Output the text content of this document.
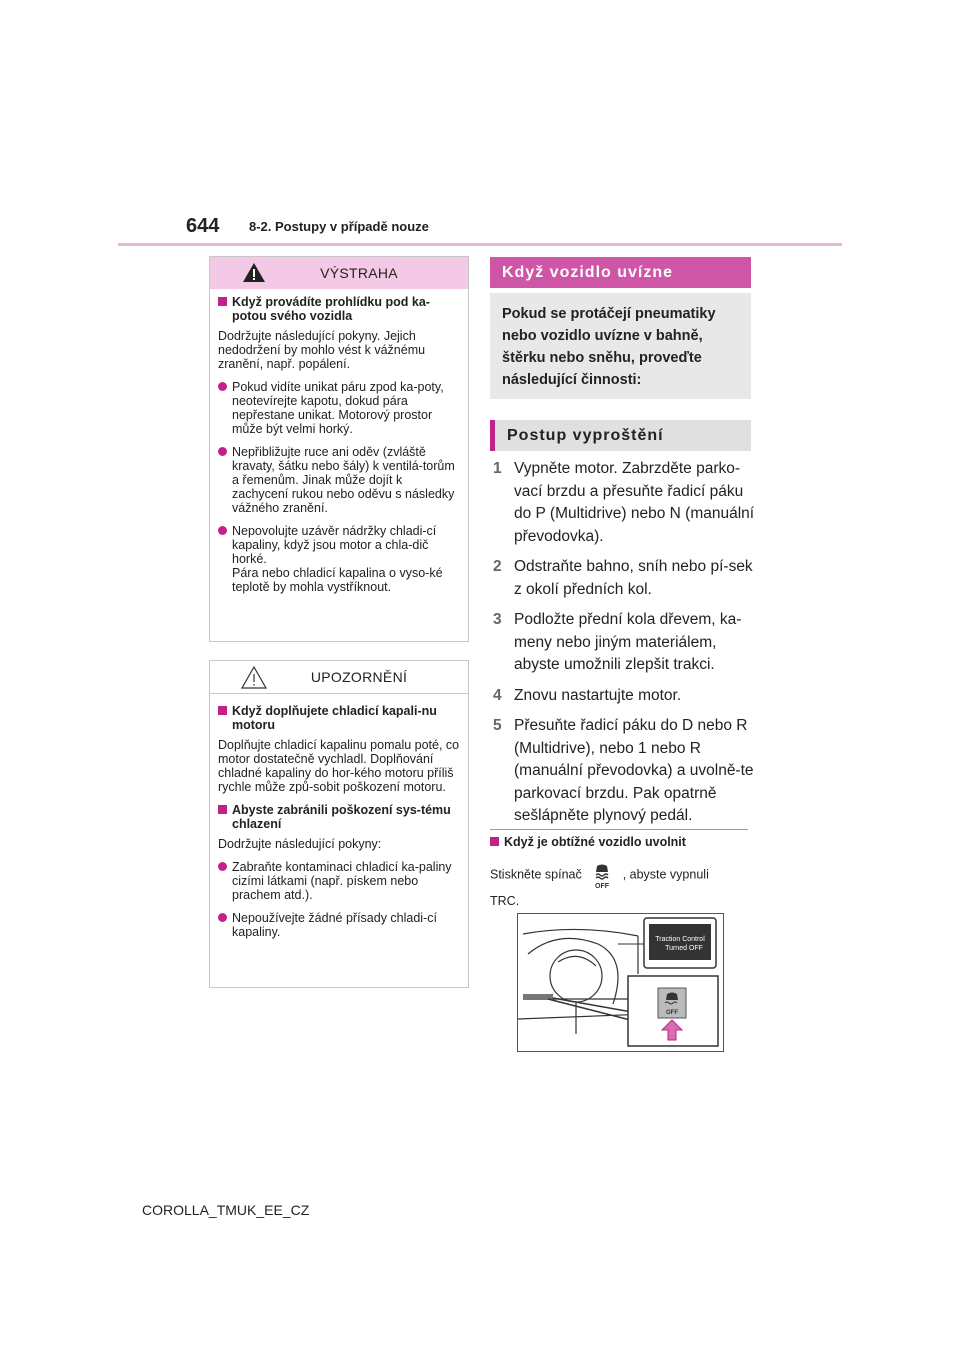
644 8-2. Postupy v případě nouze
VÝSTRAHA
Když provádíte prohlídku pod ka-potou svého vozidla
Dodržujte následující pokyny. Jejich nedodržení by mohlo vést k vážnému zranění, např. popálení.
Pokud vidíte unikat páru zpod ka-poty, neotevírejte kapotu, dokud pára nepřestane unikat. Motorový prostor může být velmi horký.
Nepřibližujte ruce ani oděv (zvláště kravaty, šátku nebo šály) k ventilá-torům a řemenům. Jinak může dojít k zachycení rukou nebo oděvu s následky vážného zranění.
Nepovolujte uzávěr nádržky chladi-cí kapaliny, když jsou motor a chla-dič horké.
Pára nebo chladicí kapalina o vyso-ké teplotě by mohla vystříknout.
UPOZORNĚNÍ
Když doplňujete chladicí kapali-nu motoru
Doplňujte chladicí kapalinu pomalu poté, co motor dostatečně vychladl. Doplňování chladné kapaliny do hor-kého motoru příliš rychle může způ-sobit poškození motoru.
Abyste zabránili poškození sys-tému chlazení
Dodržujte následující pokyny:
Zabraňte kontaminaci chladicí ka-paliny cizími látkami (např. pískem nebo prachem atd.).
Nepoužívejte žádné přísady chladi-cí kapaliny.
Když vozidlo uvízne
Pokud se protáčejí pneumatiky nebo vozidlo uvízne v bahně, štěrku nebo sněhu, proveďte následující činnosti:
Postup vyproštění
1 Vypněte motor. Zabrzděte parko-vací brzdu a přesuňte řadicí páku do P (Multidrive) nebo N (manuální převodovka).
2 Odstraňte bahno, sníh nebo pí-sek z okolí předních kol.
3 Podložte přední kola dřevem, ka-meny nebo jiným materiálem, abyste umožnili zlepšit trakci.
4 Znovu nastartujte motor.
5 Přesuňte řadicí páku do D nebo R (Multidrive), nebo 1 nebo R (manuální převodovka) a uvolně-te parkovací brzdu. Pak opatrně sešlápněte plynový pedál.
Když je obtížné vozidlo uvolnit
Stiskněte spínač
OFF
, abyste vypnuli TRC.
Traction Control
Turned OFF
OFF
COROLLA_TMUK_EE_CZ
